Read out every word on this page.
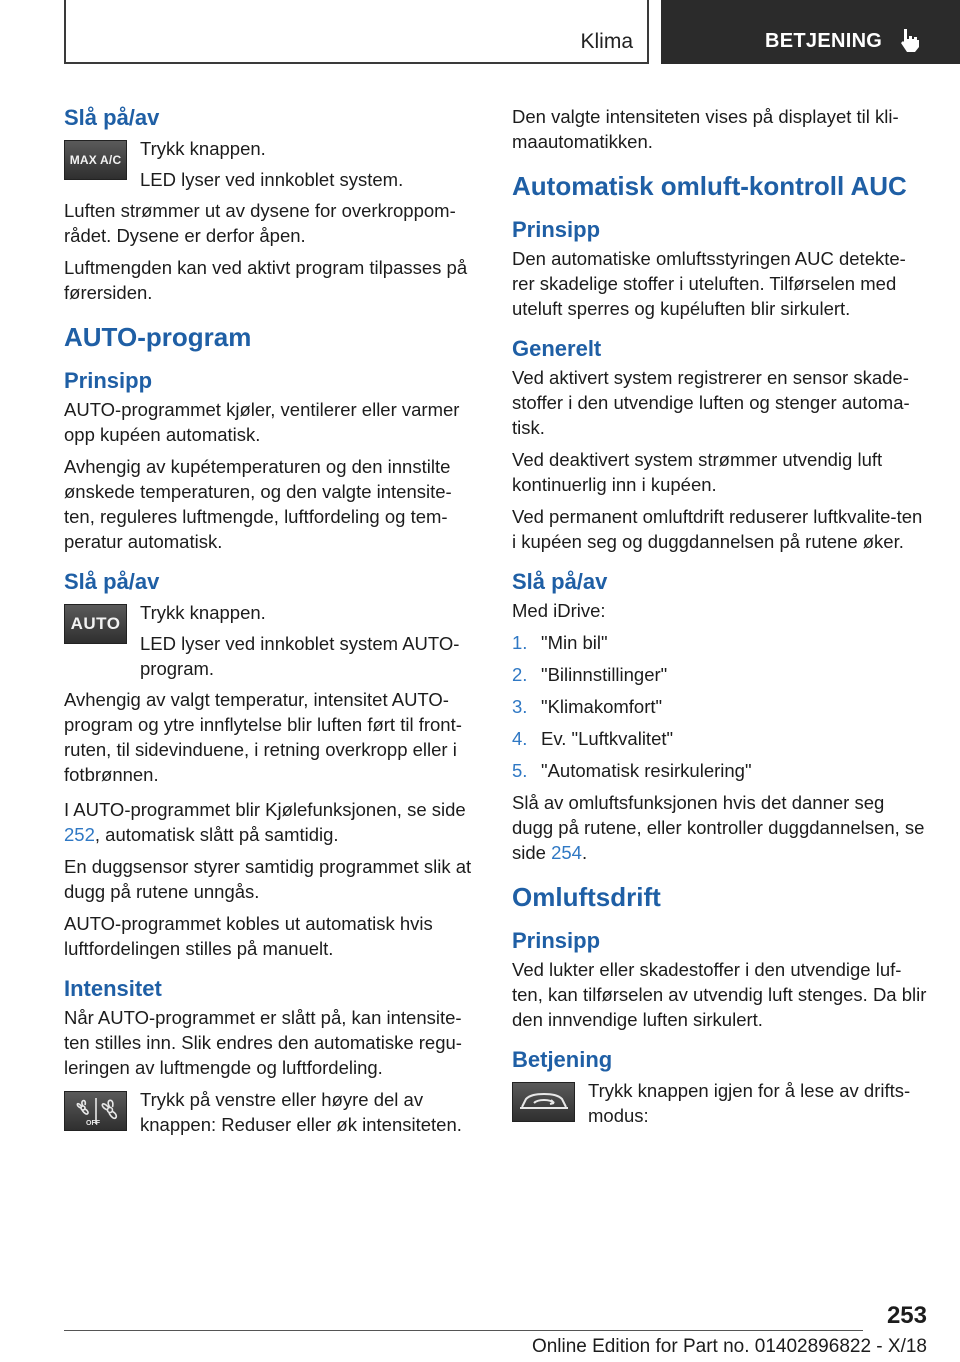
Klima	BETJENING
Slå på/av
MAX A/C

Trykk knappen.

LED lyser ved innkoblet system.

Luften strømmer ut av dysene for overkroppom-rådet. Dysene er derfor åpen.

Luftmengden kan ved aktivt program tilpasses på førersiden.

AUTO-program
Prinsipp

AUTO-programmet kjøler, ventilerer eller varmer opp kupéen automatisk.

Avhengig av kupétemperaturen og den innstilte ønskede temperaturen, og den valgte intensite-ten, reguleres luftmengde, luftfordeling og tem-peratur automatisk.

Slå på/av
AUTO

Trykk knappen.

LED lyser ved innkoblet system AUTO-program.

Avhengig av valgt temperatur, intensitet AUTO-program og ytre innflytelse blir luften ført til front-ruten, til sidevinduene, i retning overkropp eller i fotbrønnen.

I AUTO-programmet blir Kjølefunksjonen, se side 252, automatisk slått på samtidig.

En duggsensor styrer samtidig programmet slik at dugg på rutene unngås.

AUTO-programmet kobles ut automatisk hvis luftfordelingen stilles på manuelt.

Intensitet

Når AUTO-programmet er slått på, kan intensite-ten stilles inn. Slik endres den automatiske regu-leringen av luftmengde og luftfordeling.

OFF

Trykk på venstre eller høyre del av knappen: Reduser eller øk intensiteten.

Den valgte intensiteten vises på displayet til kli-maautomatikken.

Automatisk omluft-kontroll AUC
Prinsipp

Den automatiske omluftsstyringen AUC detekte-rer skadelige stoffer i uteluften. Tilførselen med uteluft sperres og kupéluften blir sirkulert.

Generelt

Ved aktivert system registrerer en sensor skade-stoffer i den utvendige luften og stenger automa-tisk.

Ved deaktivert system strømmer utvendig luft kontinuerlig inn i kupéen.

Ved permanent omluftdrift reduserer luftkvalite-ten i kupéen seg og duggdannelsen på rutene øker.

Slå på/av

Med iDrive:

1. "Min bil"
2. "Bilinnstillinger"
3. "Klimakomfort"
4. Ev. "Luftkvalitet"
5. "Automatisk resirkulering"

Slå av omluftsfunksjonen hvis det danner seg dugg på rutene, eller kontroller duggdannelsen, se side 254.

Omluftsdrift
Prinsipp

Ved lukter eller skadestoffer i den utvendige luf-ten, kan tilførselen av utvendig luft stenges. Da blir den innvendige luften sirkulert.

Betjening

Trykk knappen igjen for å lese av drifts-modus:

253
Online Edition for Part no. 01402896822 - X/18
